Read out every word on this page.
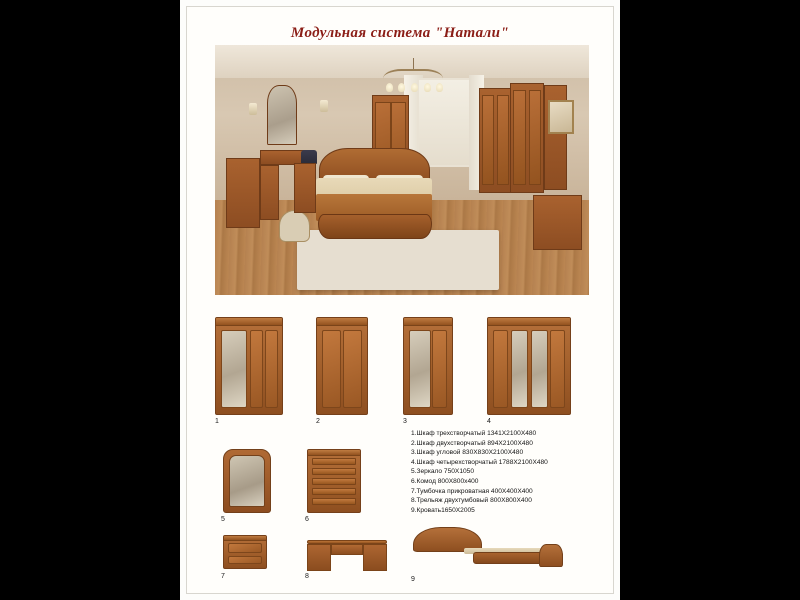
Модульная система "Натали"
1	2	3	4
1.Шкаф трехстворчатый 1341X2100X480
2.Шкаф двухстворчатый 894X2100X480
3.Шкаф угловой 830X830X2100X480
4.Шкаф четырехстворчатый 1788X2100X480
5.Зеркало 750X1050
6.Комод 800X800x400
7.Тумбочка прикроватная 400X400X400
8.Трельяж двухтумбовый 800X800X400
9.Кровать1650X2005
5	6
7	8	9
